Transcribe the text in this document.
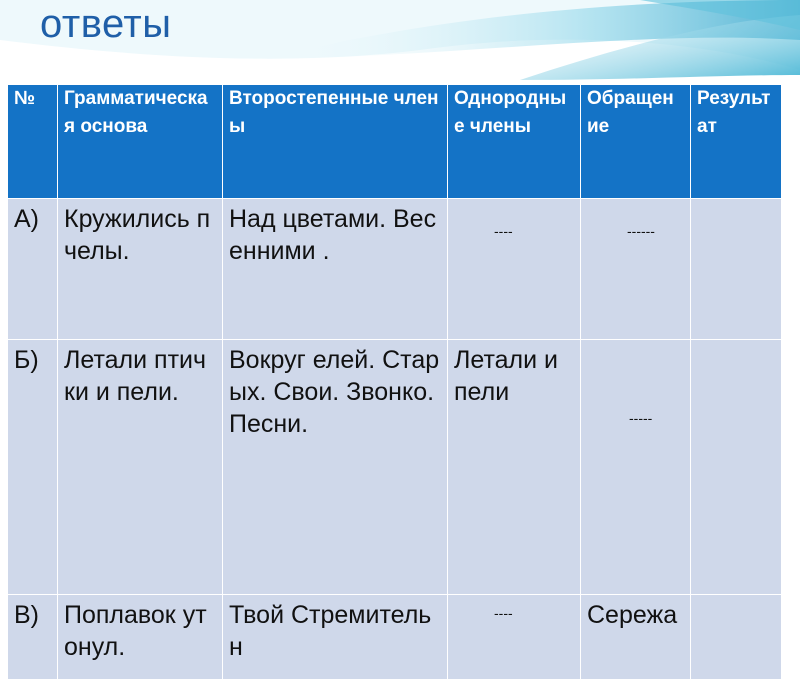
ответы
№	Грамматическая основа	Второстепенные члены	Однородные члены	Обращение	Результат
А)	Кружились пчелы.	Над цветами. Весенними .	----	------	

Б)	Летали птички и пели.	Вокруг елей. Старых. Свои. Звонко. Песни.	Летали и пели	-----	

В)	Поплавок утонул.	Твой Стремительн	----	Сережа	
